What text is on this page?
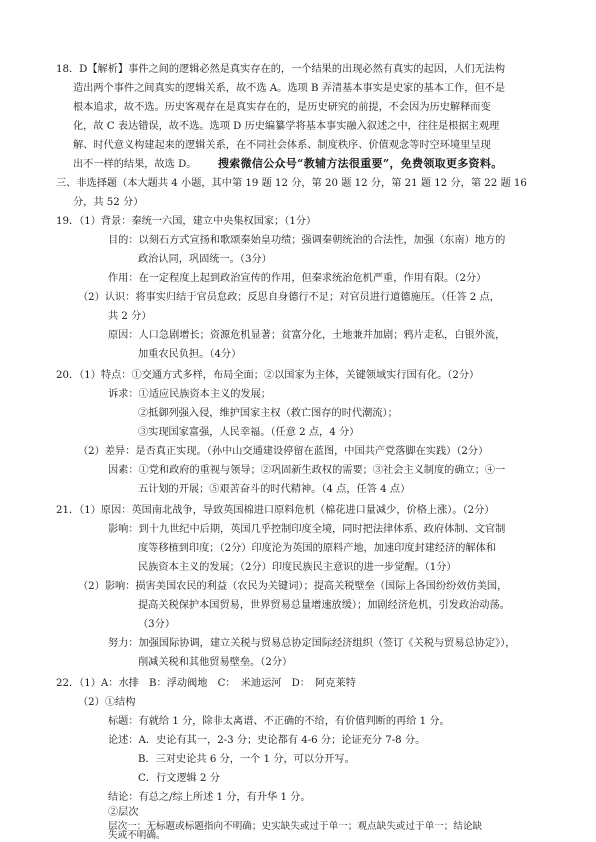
18．D【解析】事件之间的逻辑必然是真实存在的，一个结果的出现必然有真实的起因，人们无法构
造出两个事件之间真实的逻辑关系，故不选 A。选项 B 弄清基本事实是史家的基本工作，但不是
根本追求，故不选。历史客观存在是真实存在的，是历史研究的前提，不会因为历史解释而变
化，故 C 表达错误，故不选。选项 D 历史编纂学将基本事实融入叙述之中，往往是根据主观理
解、时代意义构建起来的逻辑关系，在不同社会体系、制度秩序、价值观念等时空环境里呈现
出不一样的结果，故选 D。 搜索微信公众号“教辅方法很重要”，免费领取更多资料。
三、非选择题（本大题共 4 小题，其中第 19 题 12 分，第 20 题 12 分，第 21 题 12 分，第 22 题 16
分，共 52 分）
19．（1）背景：秦统一六国，建立中央集权国家；（1分）
目的：以刻石方式宣扬和歌颂秦始皇功绩；强调秦朝统治的合法性，加强（东南）地方的
政治认同，巩固统一。（3分）
作用：在一定程度上起到政治宣传的作用，但秦求统治危机严重，作用有限。（2分）
（2）认识：将事实归结于官员怠政；反思自身德行不足；对官员进行道德施压。（任答 2 点，
共 2 分）
原因：人口急剧增长；资源危机显著；贫富分化，土地兼并加剧；鸦片走私，白银外流，
加重农民负担。（4分）
20．（1）特点：①交通方式多样，布局全面；②以国家为主体，关键领域实行国有化。（2分）
诉求：①适应民族资本主义的发展；
②抵御列强入侵，维护国家主权（救亡图存的时代潮流）；
③实现国家富强，人民幸福。（任意 2 点，4 分）
（2）差异：是否真正实现。（孙中山交通建设停留在蓝图，中国共产党落脚在实践）（2分）
因素：①党和政府的重视与领导；②巩固新生政权的需要；③社会主义制度的确立；④一
五计划的开展；⑤艰苦奋斗的时代精神。（4 点，任答 4 点）
21．（1）原因：英国南北战争，导致英国棉进口原料危机（棉花进口量减少，价格上涨）。（2分）
影响：到十九世纪中后期，英国几乎控制印度全境，同时把法律体系、政府体制、文官制
度等移植到印度；（2分）印度沦为英国的原料产地，加速印度封建经济的解体和
民族资本主义的发展；（2分）印度民族民主意识的进一步觉醒。（1分）
（2）影响：损害美国农民的利益（农民为关键词）；提高关税壁垒（国际上各国纷纷效仿美国，
提高关税保护本国贸易，世界贸易总量增速放缓）；加剧经济危机，引发政治动荡。
（3分）
努力：加强国际协调，建立关税与贸易总协定国际经济组织（签订《关税与贸易总协定》），
削减关税和其他贸易壁垒。（2分）
22．（1）A：水排　B：浮动阀地　C：　米迪运河　D：　阿克莱特
（2）①结构
标题：有就给 1 分，除非太离谱、不正确的不给，有价值判断的再给 1 分。
论述：A．史论有其一，2-3 分；史论都有 4-6 分；论证充分 7-8 分。
B．三对史论共 6 分，一个 1 分，可以分开写。
C．行文逻辑 2 分
结论：有总之/综上所述 1 分，有升华 1 分。
②层次
层次一：无标题或标题指向不明确；史实缺失或过于单一；观点缺失或过于单一；结论缺
失或不明确。
